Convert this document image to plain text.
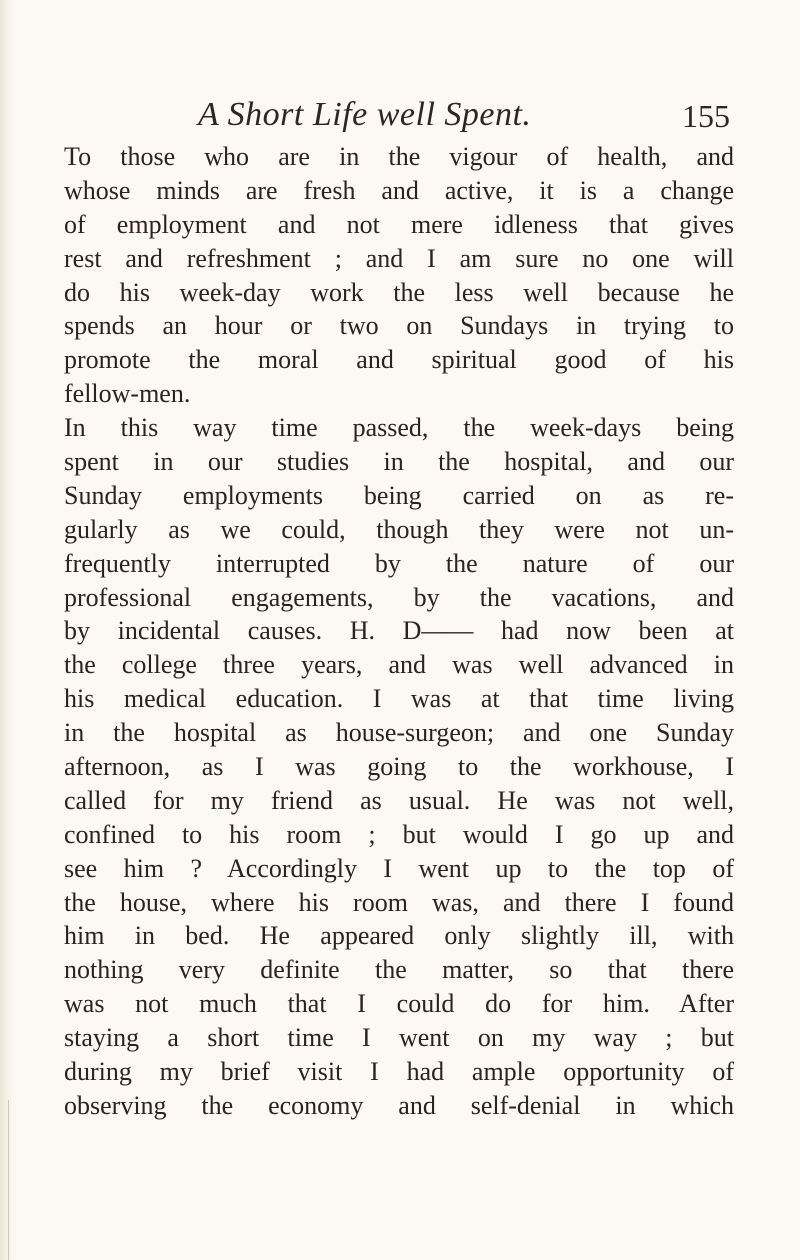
A Short Life well Spent.	155
To those who are in the vigour of health, and
whose minds are fresh and active, it is a change
of employment and not mere idleness that gives
rest and refreshment ; and I am sure no one will
do his week-day work the less well because he
spends an hour or two on Sundays in trying to
promote the moral and spiritual good of his
fellow-men.
In this way time passed, the week-days being
spent in our studies in the hospital, and our
Sunday employments being carried on as re-
gularly as we could, though they were not un-
frequently interrupted by the nature of our
professional engagements, by the vacations, and
by incidental causes. H. D—— had now been at
the college three years, and was well advanced in
his medical education. I was at that time living
in the hospital as house-surgeon; and one Sunday
afternoon, as I was going to the workhouse, I
called for my friend as usual. He was not well,
confined to his room ; but would I go up and
see him ? Accordingly I went up to the top of
the house, where his room was, and there I found
him in bed. He appeared only slightly ill, with
nothing very definite the matter, so that there
was not much that I could do for him. After
staying a short time I went on my way ; but
during my brief visit I had ample opportunity of
observing the economy and self-denial in which
